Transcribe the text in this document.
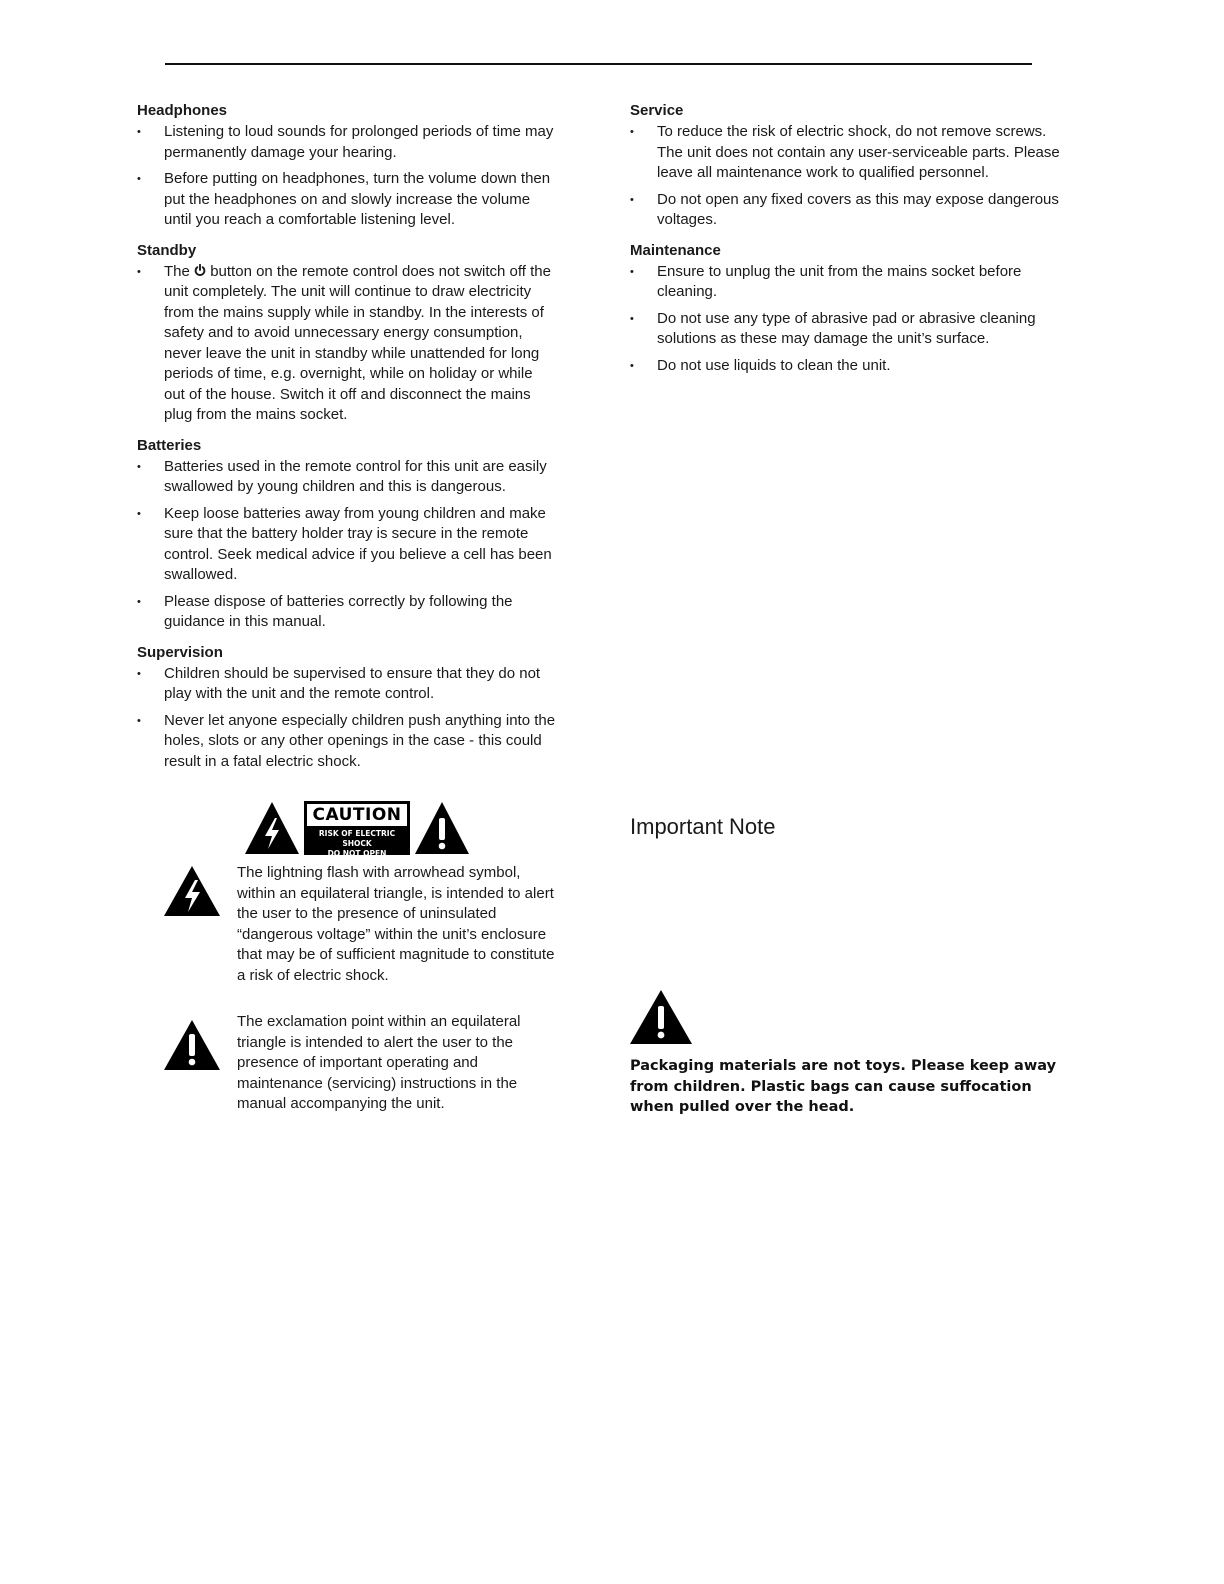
Headphones
• Listening to loud sounds for prolonged periods of time may permanently damage your hearing.
• Before putting on headphones, turn the volume down then put the headphones on and slowly increase the volume until you reach a comfortable listening level.
Standby
• The button on the remote control does not switch off the unit completely. The unit will continue to draw electricity from the mains supply while in standby. In the interests of safety and to avoid unnecessary energy consumption, never leave the unit in standby while unattended for long periods of time, e.g. overnight, while on holiday or while out of the house. Switch it off and disconnect the mains plug from the mains socket.
Batteries
• Batteries used in the remote control for this unit are easily swallowed by young children and this is dangerous.
• Keep loose batteries away from young children and make sure that the battery holder tray is secure in the remote control. Seek medical advice if you believe a cell has been swallowed.
• Please dispose of batteries correctly by following the guidance in this manual.
Supervision
• Children should be supervised to ensure that they do not play with the unit and the remote control.
• Never let anyone especially children push anything into the holes, slots or any other openings in the case - this could result in a fatal electric shock.
CAUTION
RISK OF ELECTRIC SHOCK
DO NOT OPEN
The lightning flash with arrowhead symbol, within an equilateral triangle, is intended to alert the user to the presence of uninsulated “dangerous voltage” within the unit’s enclosure that may be of sufficient magnitude to constitute a risk of electric shock.
The exclamation point within an equilateral triangle is intended to alert the user to the presence of important operating and maintenance (servicing) instructions in the manual accompanying the unit.
Service
• To reduce the risk of electric shock, do not remove screws. The unit does not contain any user-serviceable parts. Please leave all maintenance work to qualified personnel.
• Do not open any fixed covers as this may expose dangerous voltages.
Maintenance
• Ensure to unplug the unit from the mains socket before cleaning.
• Do not use any type of abrasive pad or abrasive cleaning solutions as these may damage the unit’s surface.
• Do not use liquids to clean the unit.
Important Note
Packaging materials are not toys. Please keep away from children. Plastic bags can cause suffocation when pulled over the head.
